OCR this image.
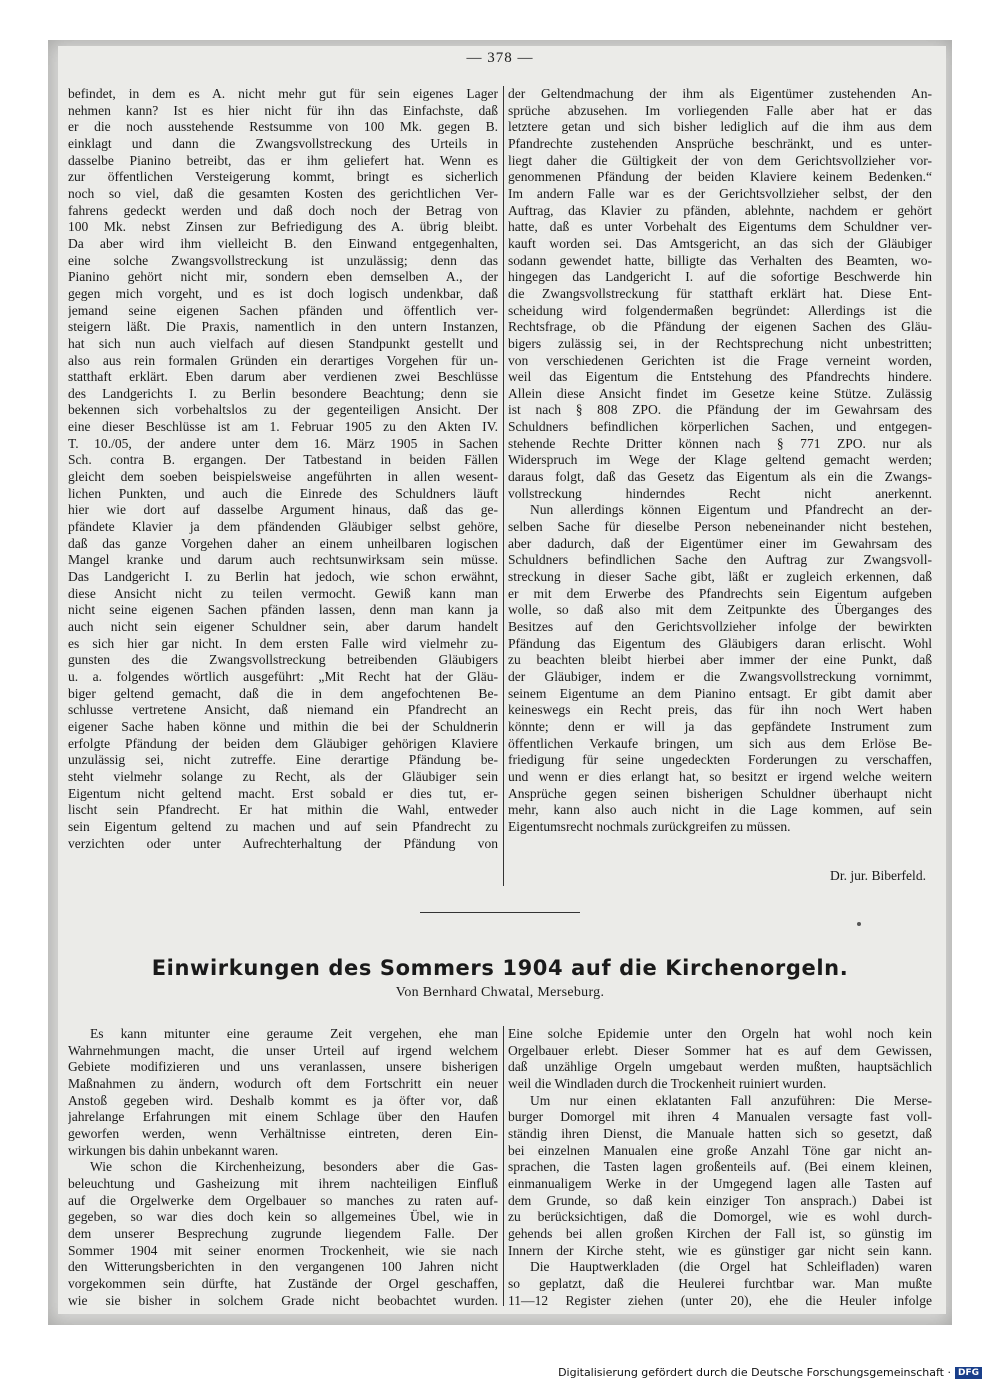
— 378 —
befindet, in dem es A. nicht mehr gut für sein eigenes Lager
nehmen kann? Ist es hier nicht für ihn das Einfachste, daß
er die noch ausstehende Restsumme von 100 Mk. gegen B.
einklagt und dann die Zwangsvollstreckung des Urteils in
dasselbe Pianino betreibt, das er ihm geliefert hat. Wenn es
zur öffentlichen Versteigerung kommt, bringt es sicherlich
noch so viel, daß die gesamten Kosten des gerichtlichen Ver-
fahrens gedeckt werden und daß doch noch der Betrag von
100 Mk. nebst Zinsen zur Befriedigung des A. übrig bleibt.
Da aber wird ihm vielleicht B. den Einwand entgegenhalten,
eine solche Zwangsvollstreckung ist unzulässig; denn das
Pianino gehört nicht mir, sondern eben demselben A., der
gegen mich vorgeht, und es ist doch logisch undenkbar, daß
jemand seine eigenen Sachen pfänden und öffentlich ver-
steigern läßt. Die Praxis, namentlich in den untern Instanzen,
hat sich nun auch vielfach auf diesen Standpunkt gestellt und
also aus rein formalen Gründen ein derartiges Vorgehen für un-
statthaft erklärt. Eben darum aber verdienen zwei Beschlüsse
des Landgerichts I. zu Berlin besondere Beachtung; denn sie
bekennen sich vorbehaltslos zu der gegenteiligen Ansicht. Der
eine dieser Beschlüsse ist am 1. Februar 1905 zu den Akten IV.
T. 10./05, der andere unter dem 16. März 1905 in Sachen
Sch. contra B. ergangen. Der Tatbestand in beiden Fällen
gleicht dem soeben beispielsweise angeführten in allen wesent-
lichen Punkten, und auch die Einrede des Schuldners läuft
hier wie dort auf dasselbe Argument hinaus, daß das ge-
pfändete Klavier ja dem pfändenden Gläubiger selbst gehöre,
daß das ganze Vorgehen daher an einem unheilbaren logischen
Mangel kranke und darum auch rechtsunwirksam sein müsse.
Das Landgericht I. zu Berlin hat jedoch, wie schon erwähnt,
diese Ansicht nicht zu teilen vermocht. Gewiß kann man
nicht seine eigenen Sachen pfänden lassen, denn man kann ja
auch nicht sein eigener Schuldner sein, aber darum handelt
es sich hier gar nicht. In dem ersten Falle wird vielmehr zu-
gunsten des die Zwangsvollstreckung betreibenden Gläubigers
u. a. folgendes wörtlich ausgeführt: „Mit Recht hat der Gläu-
biger geltend gemacht, daß die in dem angefochtenen Be-
schlusse vertretene Ansicht, daß niemand ein Pfandrecht an
eigener Sache haben könne und mithin die bei der Schuldnerin
erfolgte Pfändung der beiden dem Gläubiger gehörigen Klaviere
unzulässig sei, nicht zutreffe. Eine derartige Pfändung be-
steht vielmehr solange zu Recht, als der Gläubiger sein
Eigentum nicht geltend macht. Erst sobald er dies tut, er-
lischt sein Pfandrecht. Er hat mithin die Wahl, entweder
sein Eigentum geltend zu machen und auf sein Pfandrecht zu
verzichten oder unter Aufrechterhaltung der Pfändung von
der Geltendmachung der ihm als Eigentümer zustehenden An-
sprüche abzusehen. Im vorliegenden Falle aber hat er das
letztere getan und sich bisher lediglich auf die ihm aus dem
Pfandrechte zustehenden Ansprüche beschränkt, und es unter-
liegt daher die Gültigkeit der von dem Gerichtsvollzieher vor-
genommenen Pfändung der beiden Klaviere keinem Bedenken.“
Im andern Falle war es der Gerichtsvollzieher selbst, der den
Auftrag, das Klavier zu pfänden, ablehnte, nachdem er gehört
hatte, daß es unter Vorbehalt des Eigentums dem Schuldner ver-
kauft worden sei. Das Amtsgericht, an das sich der Gläubiger
sodann gewendet hatte, billigte das Verhalten des Beamten, wo-
hingegen das Landgericht I. auf die sofortige Beschwerde hin
die Zwangsvollstreckung für statthaft erklärt hat. Diese Ent-
scheidung wird folgendermaßen begründet: Allerdings ist die
Rechtsfrage, ob die Pfändung der eigenen Sachen des Gläu-
bigers zulässig sei, in der Rechtsprechung nicht unbestritten;
von verschiedenen Gerichten ist die Frage verneint worden,
weil das Eigentum die Entstehung des Pfandrechts hindere.
Allein diese Ansicht findet im Gesetze keine Stütze. Zulässig
ist nach § 808 ZPO. die Pfändung der im Gewahrsam des
Schuldners befindlichen körperlichen Sachen, und entgegen-
stehende Rechte Dritter können nach § 771 ZPO. nur als
Widerspruch im Wege der Klage geltend gemacht werden;
daraus folgt, daß das Gesetz das Eigentum als ein die Zwangs-
vollstreckung hinderndes Recht nicht anerkennt.
Nun allerdings können Eigentum und Pfandrecht an der-
selben Sache für dieselbe Person nebeneinander nicht bestehen,
aber dadurch, daß der Eigentümer einer im Gewahrsam des
Schuldners befindlichen Sache den Auftrag zur Zwangsvoll-
streckung in dieser Sache gibt, läßt er zugleich erkennen, daß
er mit dem Erwerbe des Pfandrechts sein Eigentum aufgeben
wolle, so daß also mit dem Zeitpunkte des Überganges des
Besitzes auf den Gerichtsvollzieher infolge der bewirkten
Pfändung das Eigentum des Gläubigers daran erlischt. Wohl
zu beachten bleibt hierbei aber immer der eine Punkt, daß
der Gläubiger, indem er die Zwangsvollstreckung vornimmt,
seinem Eigentume an dem Pianino entsagt. Er gibt damit aber
keineswegs ein Recht preis, das für ihn noch Wert haben
könnte; denn er will ja das gepfändete Instrument zum
öffentlichen Verkaufe bringen, um sich aus dem Erlöse Be-
friedigung für seine ungedeckten Forderungen zu verschaffen,
und wenn er dies erlangt hat, so besitzt er irgend welche weitern
Ansprüche gegen seinen bisherigen Schuldner überhaupt nicht
mehr, kann also auch nicht in die Lage kommen, auf sein
Eigentumsrecht nochmals zurückgreifen zu müssen.
Dr. jur. Biberfeld.
Einwirkungen des Sommers 1904 auf die Kirchenorgeln.
Von Bernhard Chwatal, Merseburg.
Es kann mitunter eine geraume Zeit vergehen, ehe man
Wahrnehmungen macht, die unser Urteil auf irgend welchem
Gebiete modifizieren und uns veranlassen, unsere bisherigen
Maßnahmen zu ändern, wodurch oft dem Fortschritt ein neuer
Anstoß gegeben wird. Deshalb kommt es ja öfter vor, daß
jahrelange Erfahrungen mit einem Schlage über den Haufen
geworfen werden, wenn Verhältnisse eintreten, deren Ein-
wirkungen bis dahin unbekannt waren.
Wie schon die Kirchenheizung, besonders aber die Gas-
beleuchtung und Gasheizung mit ihrem nachteiligen Einfluß
auf die Orgelwerke dem Orgelbauer so manches zu raten auf-
gegeben, so war dies doch kein so allgemeines Übel, wie in
dem unserer Besprechung zugrunde liegendem Falle. Der
Sommer 1904 mit seiner enormen Trockenheit, wie sie nach
den Witterungsberichten in den vergangenen 100 Jahren nicht
vorgekommen sein dürfte, hat Zustände der Orgel geschaffen,
wie sie bisher in solchem Grade nicht beobachtet wurden.
Eine solche Epidemie unter den Orgeln hat wohl noch kein
Orgelbauer erlebt. Dieser Sommer hat es auf dem Gewissen,
daß unzählige Orgeln umgebaut werden mußten, hauptsächlich
weil die Windladen durch die Trockenheit ruiniert wurden.
Um nur einen eklatanten Fall anzuführen: Die Merse-
burger Domorgel mit ihren 4 Manualen versagte fast voll-
ständig ihren Dienst, die Manuale hatten sich so gesetzt, daß
bei einzelnen Manualen eine große Anzahl Töne gar nicht an-
sprachen, die Tasten lagen großenteils auf. (Bei einem kleinen,
einmanualigem Werke in der Umgegend lagen alle Tasten auf
dem Grunde, so daß kein einziger Ton ansprach.) Dabei ist
zu berücksichtigen, daß die Domorgel, wie es wohl durch-
gehends bei allen großen Kirchen der Fall ist, so günstig im
Innern der Kirche steht, wie es günstiger gar nicht sein kann.
Die Hauptwerkladen (die Orgel hat Schleifladen) waren
so geplatzt, daß die Heulerei furchtbar war. Man mußte
11—12 Register ziehen (unter 20), ehe die Heuler infolge
Digitalisierung gefördert durch die Deutsche Forschungsgemeinschaft · DFG
